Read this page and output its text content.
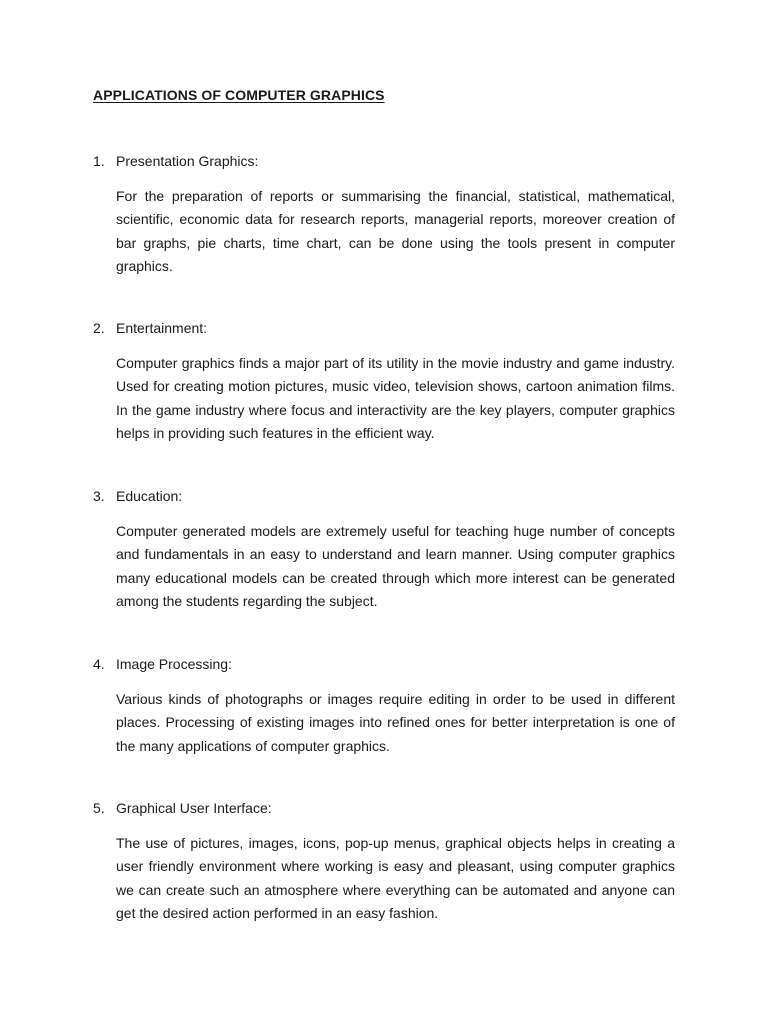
APPLICATIONS OF COMPUTER GRAPHICS
1. Presentation Graphics:

For the preparation of reports or summarising the financial, statistical, mathematical, scientific, economic data for research reports, managerial reports, moreover creation of bar graphs, pie charts, time chart, can be done using the tools present in computer graphics.

2. Entertainment:

Computer graphics finds a major part of its utility in the movie industry and game industry. Used for creating motion pictures, music video, television shows, cartoon animation films. In the game industry where focus and interactivity are the key players, computer graphics helps in providing such features in the efficient way.

3. Education:

Computer generated models are extremely useful for teaching huge number of concepts and fundamentals in an easy to understand and learn manner. Using computer graphics many educational models can be created through which more interest can be generated among the students regarding the subject.

4. Image Processing:

Various kinds of photographs or images require editing in order to be used in different places. Processing of existing images into refined ones for better interpretation is one of the many applications of computer graphics.

5. Graphical User Interface:

The use of pictures, images, icons, pop-up menus, graphical objects helps in creating a user friendly environment where working is easy and pleasant, using computer graphics we can create such an atmosphere where everything can be automated and anyone can get the desired action performed in an easy fashion.
